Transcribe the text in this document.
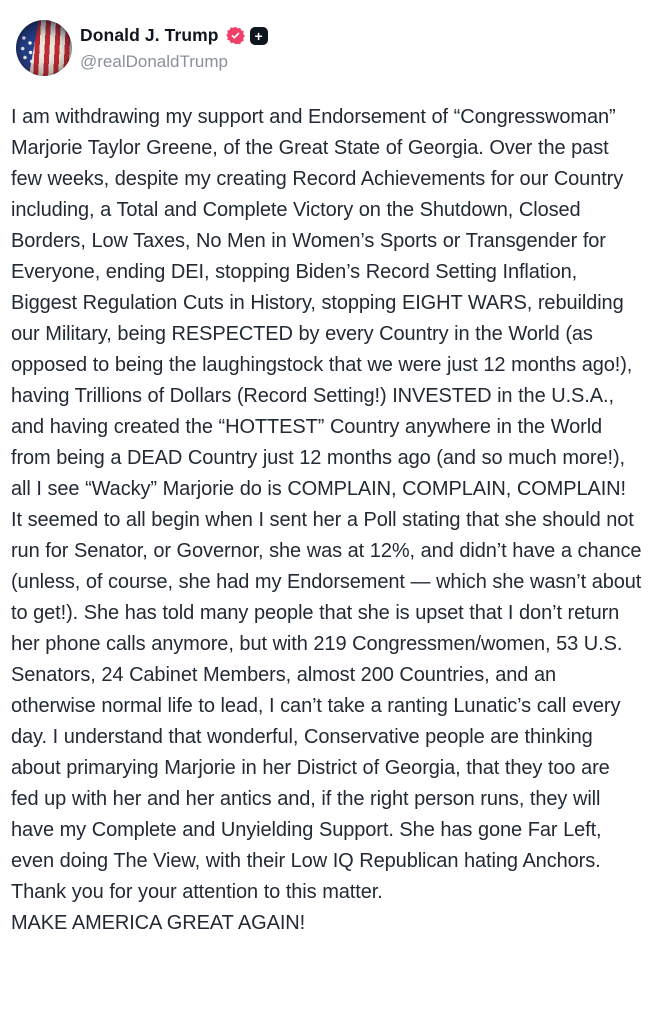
Donald J. Trump	+
@realDonaldTrump
I am withdrawing my support and Endorsement of “Congresswoman” Marjorie Taylor Greene, of the Great State of Georgia. Over the past few weeks, despite my creating Record Achievements for our Country including, a Total and Complete Victory on the Shutdown, Closed Borders, Low Taxes, No Men in Women’s Sports or Transgender for Everyone, ending DEI, stopping Biden’s Record Setting Inflation, Biggest Regulation Cuts in History, stopping EIGHT WARS, rebuilding our Military, being RESPECTED by every Country in the World (as opposed to being the laughingstock that we were just 12 months ago!), having Trillions of Dollars (Record Setting!) INVESTED in the U.S.A., and having created the “HOTTEST” Country anywhere in the World from being a DEAD Country just 12 months ago (and so much more!), all I see “Wacky” Marjorie do is COMPLAIN, COMPLAIN, COMPLAIN! It seemed to all begin when I sent her a Poll stating that she should not run for Senator, or Governor, she was at 12%, and didn’t have a chance (unless, of course, she had my Endorsement — which she wasn’t about to get!). She has told many people that she is upset that I don’t return her phone calls anymore, but with 219 Congressmen/women, 53 U.S. Senators, 24 Cabinet Members, almost 200 Countries, and an otherwise normal life to lead, I can’t take a ranting Lunatic’s call every day. I understand that wonderful, Conservative people are thinking about primarying Marjorie in her District of Georgia, that they too are fed up with her and her antics and, if the right person runs, they will have my Complete and Unyielding Support. She has gone Far Left, even doing The View, with their Low IQ Republican hating Anchors. Thank you for your attention to this matter.
MAKE AMERICA GREAT AGAIN!
